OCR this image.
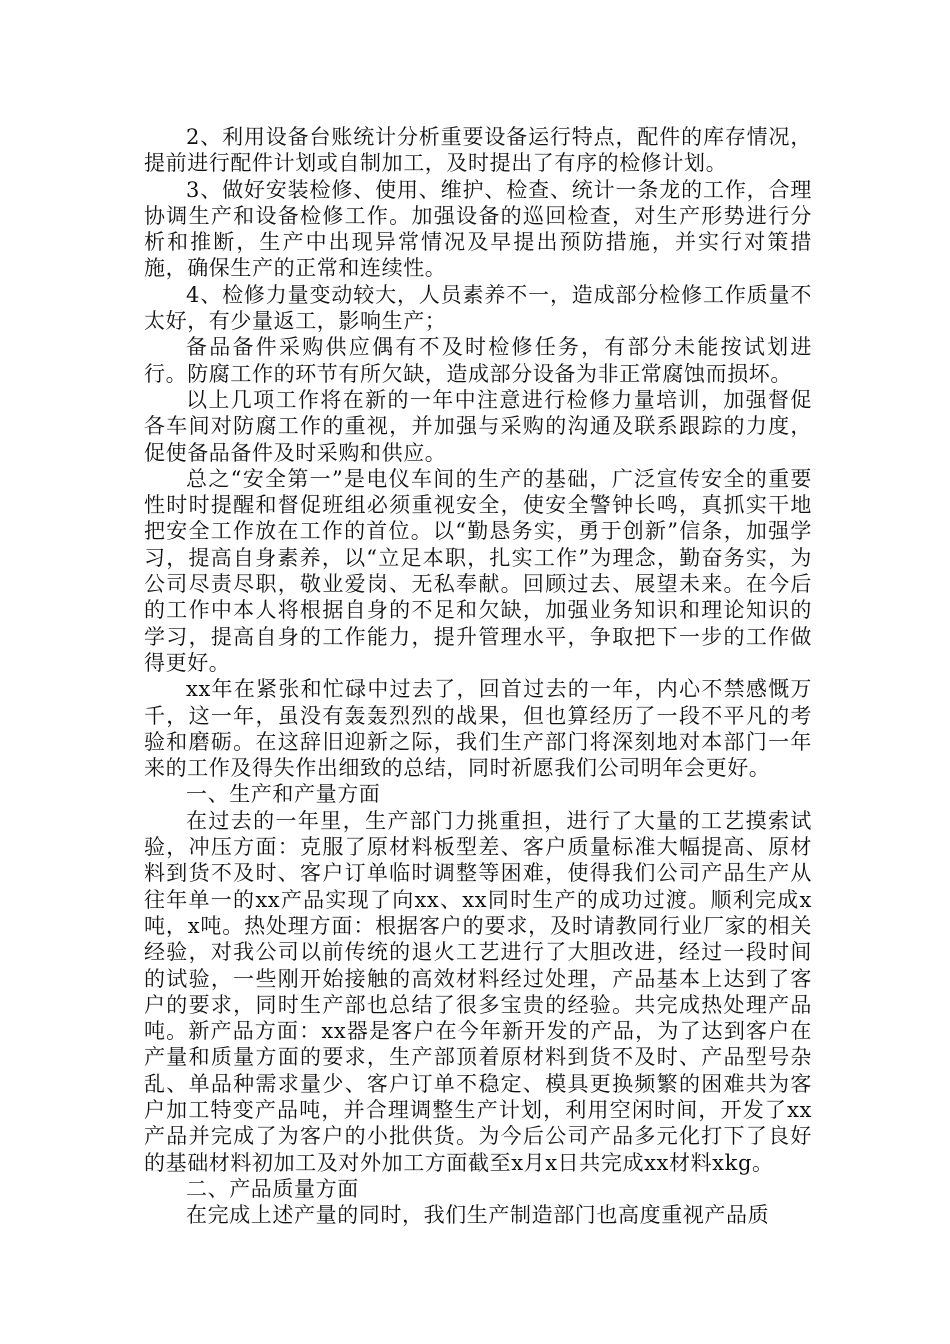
2、利用设备台账统计分析重要设备运行特点，配件的库存情况，提前进行配件计划或自制加工，及时提出了有序的检修计划。

3、做好安装检修、使用、维护、检查、统计一条龙的工作，合理协调生产和设备检修工作。加强设备的巡回检查，对生产形势进行分析和推断，生产中出现异常情况及早提出预防措施，并实行对策措施，确保生产的正常和连续性。

4、检修力量变动较大，人员素养不一，造成部分检修工作质量不太好，有少量返工，影响生产；

备品备件采购供应偶有不及时检修任务，有部分未能按试划进行。防腐工作的环节有所欠缺，造成部分设备为非正常腐蚀而损坏。

以上几项工作将在新的一年中注意进行检修力量培训，加强督促各车间对防腐工作的重视，并加强与采购的沟通及联系跟踪的力度，促使备品备件及时采购和供应。

总之“安全第一”是电仪车间的生产的基础，广泛宣传安全的重要性时时提醒和督促班组必须重视安全，使安全警钟长鸣，真抓实干地把安全工作放在工作的首位。以“勤恳务实，勇于创新”信条，加强学习，提高自身素养，以“立足本职，扎实工作”为理念，勤奋务实，为公司尽责尽职，敬业爱岗、无私奉献。回顾过去、展望未来。在今后的工作中本人将根据自身的不足和欠缺，加强业务知识和理论知识的学习，提高自身的工作能力，提升管理水平，争取把下一步的工作做得更好。

xx年在紧张和忙碌中过去了，回首过去的一年，内心不禁感慨万千，这一年，虽没有轰轰烈烈的战果，但也算经历了一段不平凡的考验和磨砺。在这辞旧迎新之际，我们生产部门将深刻地对本部门一年来的工作及得失作出细致的总结，同时祈愿我们公司明年会更好。

一、生产和产量方面

在过去的一年里，生产部门力挑重担，进行了大量的工艺摸索试验，冲压方面：克服了原材料板型差、客户质量标准大幅提高、原材料到货不及时、客户订单临时调整等困难，使得我们公司产品生产从往年单一的xx产品实现了向xx、xx同时生产的成功过渡。顺利完成x吨，x吨。热处理方面：根据客户的要求，及时请教同行业厂家的相关经验，对我公司以前传统的退火工艺进行了大胆改进，经过一段时间的试验，一些刚开始接触的高效材料经过处理，产品基本上达到了客户的要求，同时生产部也总结了很多宝贵的经验。共完成热处理产品吨。新产品方面：xx器是客户在今年新开发的产品，为了达到客户在产量和质量方面的要求，生产部顶着原材料到货不及时、产品型号杂乱、单品种需求量少、客户订单不稳定、模具更换频繁的困难共为客户加工特变产品吨，并合理调整生产计划，利用空闲时间，开发了xx产品并完成了为客户的小批供货。为今后公司产品多元化打下了良好的基础材料初加工及对外加工方面截至x月x日共完成xx材料xkg。

二、产品质量方面

在完成上述产量的同时，我们生产制造部门也高度重视产品质
